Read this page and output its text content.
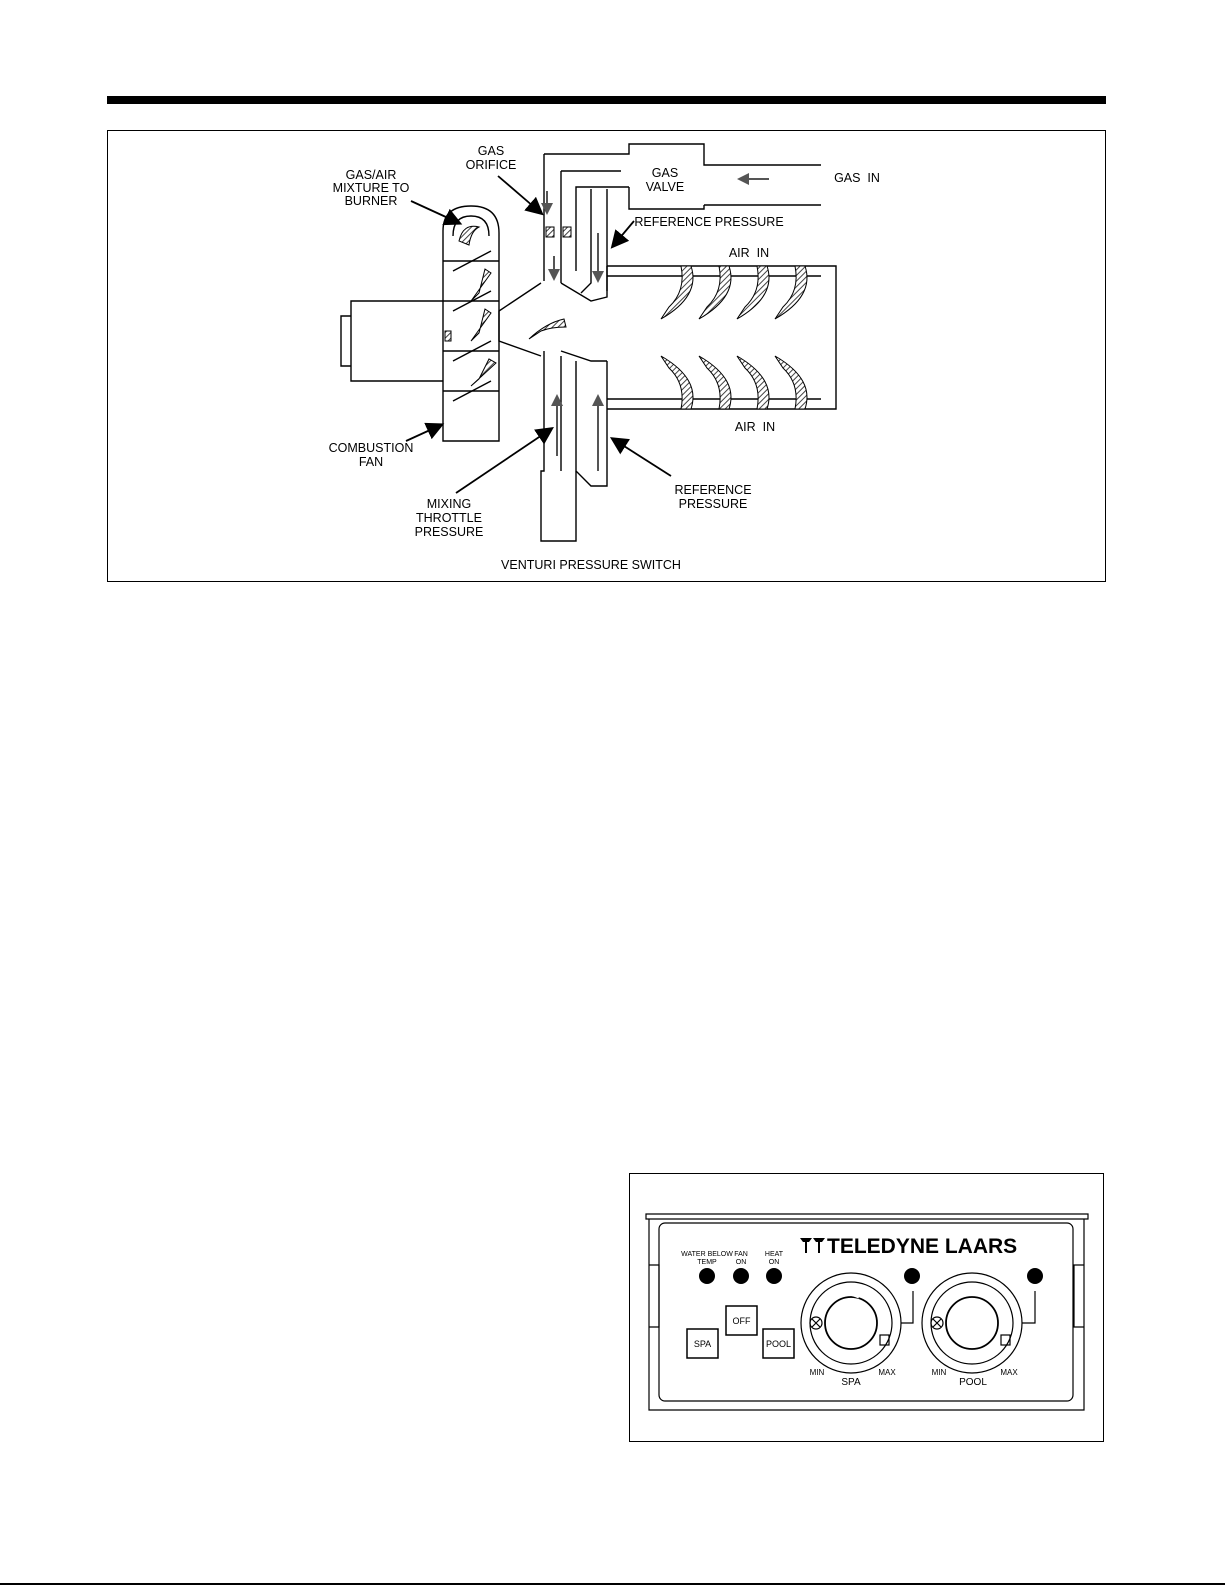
GAS
ORIFICE
GAS/AIR
MIXTURE TO
BURNER
GAS
VALVE
GAS  IN
REFERENCE PRESSURE
AIR  IN
AIR  IN
COMBUSTION
FAN
MIXING
THROTTLE
PRESSURE
REFERENCE
PRESSURE
VENTURI PRESSURE SWITCH
TELEDYNE LAARS
WATER BELOW
TEMP
FAN
ON
HEAT
ON
SPA
OFF
POOL
MIN	MAX
SPA
MIN	MAX
POOL
